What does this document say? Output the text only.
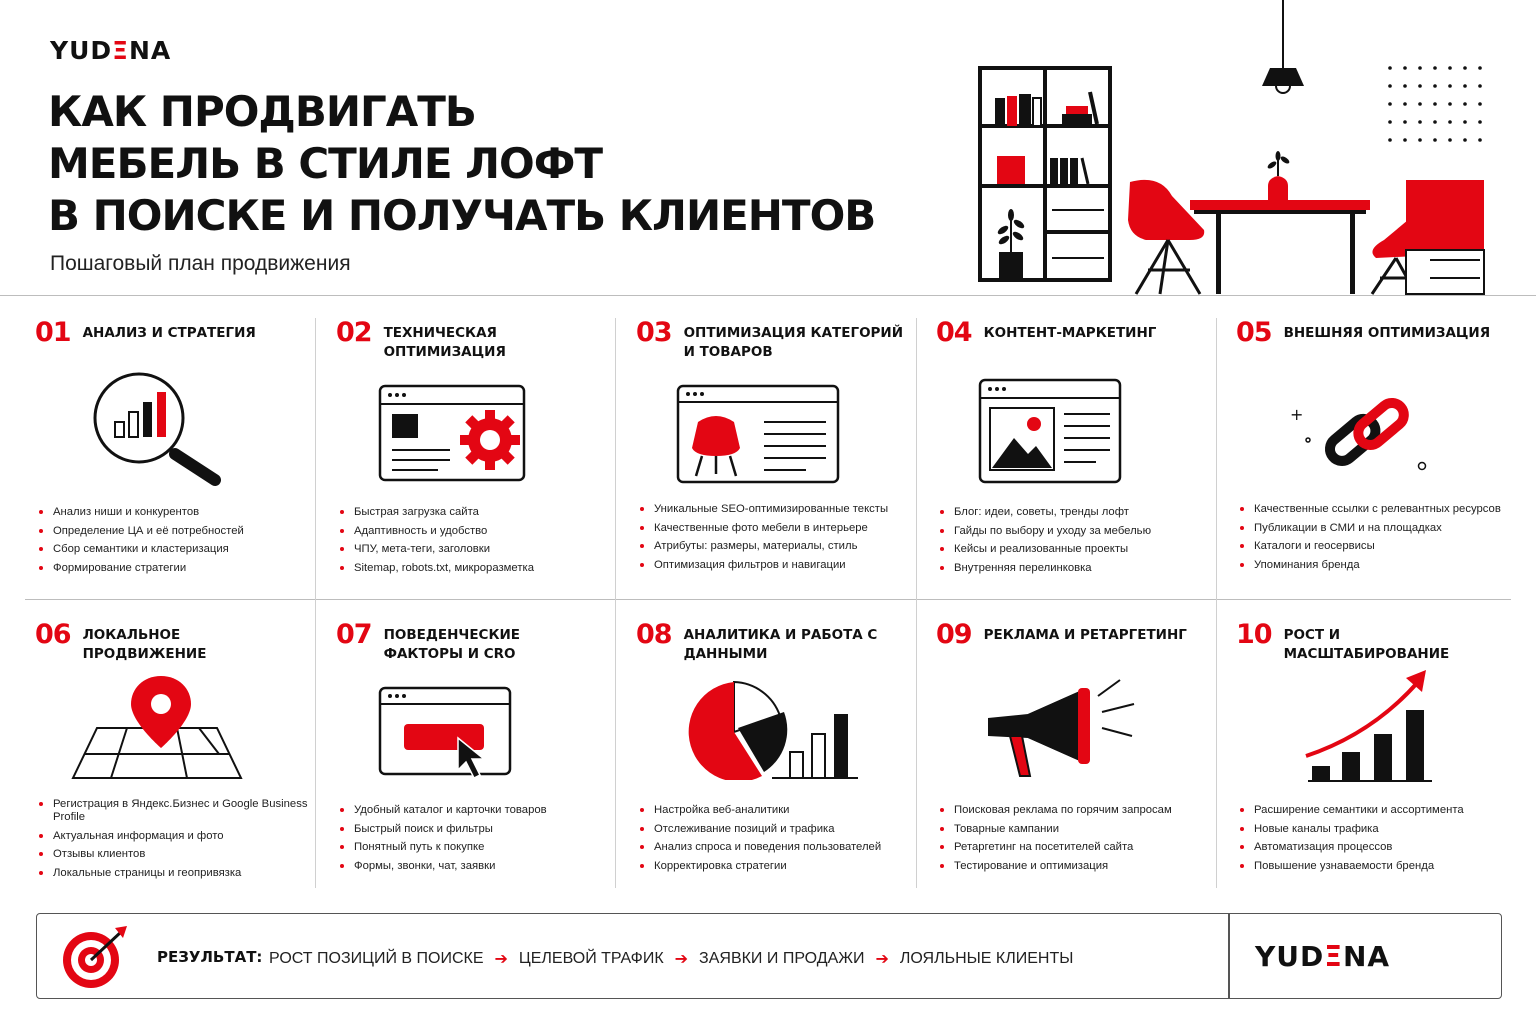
YUDΞNA
КАК ПРОДВИГАТЬ
МЕБЕЛЬ В СТИЛЕ ЛОФТ
В ПОИСКЕ И ПОЛУЧАТЬ КЛИЕНТОВ
Пошаговый план продвижения
01 АНАЛИЗ И СТРАТЕГИЯ
Анализ ниши и конкурентов
Определение ЦА и её потребностей
Сбор семантики и кластеризация
Формирование стратегии
02 ТЕХНИЧЕСКАЯ ОПТИМИЗАЦИЯ
Быстрая загрузка сайта
Адаптивность и удобство
ЧПУ, мета-теги, заголовки
Sitemap, robots.txt, микроразметка
03 ОПТИМИЗАЦИЯ КАТЕГОРИЙ И ТОВАРОВ
Уникальные SEO-оптимизированные тексты
Качественные фото мебели в интерьере
Атрибуты: размеры, материалы, стиль
Оптимизация фильтров и навигации
04 КОНТЕНТ-МАРКЕТИНГ
Блог: идеи, советы, тренды лофт
Гайды по выбору и уходу за мебелью
Кейсы и реализованные проекты
Внутренняя перелинковка
05 ВНЕШНЯЯ ОПТИМИЗАЦИЯ
+
Качественные ссылки с релевантных ресурсов
Публикации в СМИ и на площадках
Каталоги и геосервисы
Упоминания бренда
06 ЛОКАЛЬНОЕ ПРОДВИЖЕНИЕ
Регистрация в Яндекс.Бизнес и Google Business Profile
Актуальная информация и фото
Отзывы клиентов
Локальные страницы и геопривязка
07 ПОВЕДЕНЧЕСКИЕ ФАКТОРЫ И CRO
Удобный каталог и карточки товаров
Быстрый поиск и фильтры
Понятный путь к покупке
Формы, звонки, чат, заявки
08 АНАЛИТИКА И РАБОТА С ДАННЫМИ
Настройка веб-аналитики
Отслеживание позиций и трафика
Анализ спроса и поведения пользователей
Корректировка стратегии
09 РЕКЛАМА И РЕТАРГЕТИНГ
Поисковая реклама по горячим запросам
Товарные кампании
Ретаргетинг на посетителей сайта
Тестирование и оптимизация
10 РОСТ И МАСШТАБИРОВАНИЕ
Расширение семантики и ассортимента
Новые каналы трафика
Автоматизация процессов
Повышение узнаваемости бренда
РЕЗУЛЬТАТ: РОСТ ПОЗИЦИЙ В ПОИСКЕ ➔ ЦЕЛЕВОЙ ТРАФИК ➔ ЗАЯВКИ И ПРОДАЖИ ➔ ЛОЯЛЬНЫЕ КЛИЕНТЫ	YUDΞNA
